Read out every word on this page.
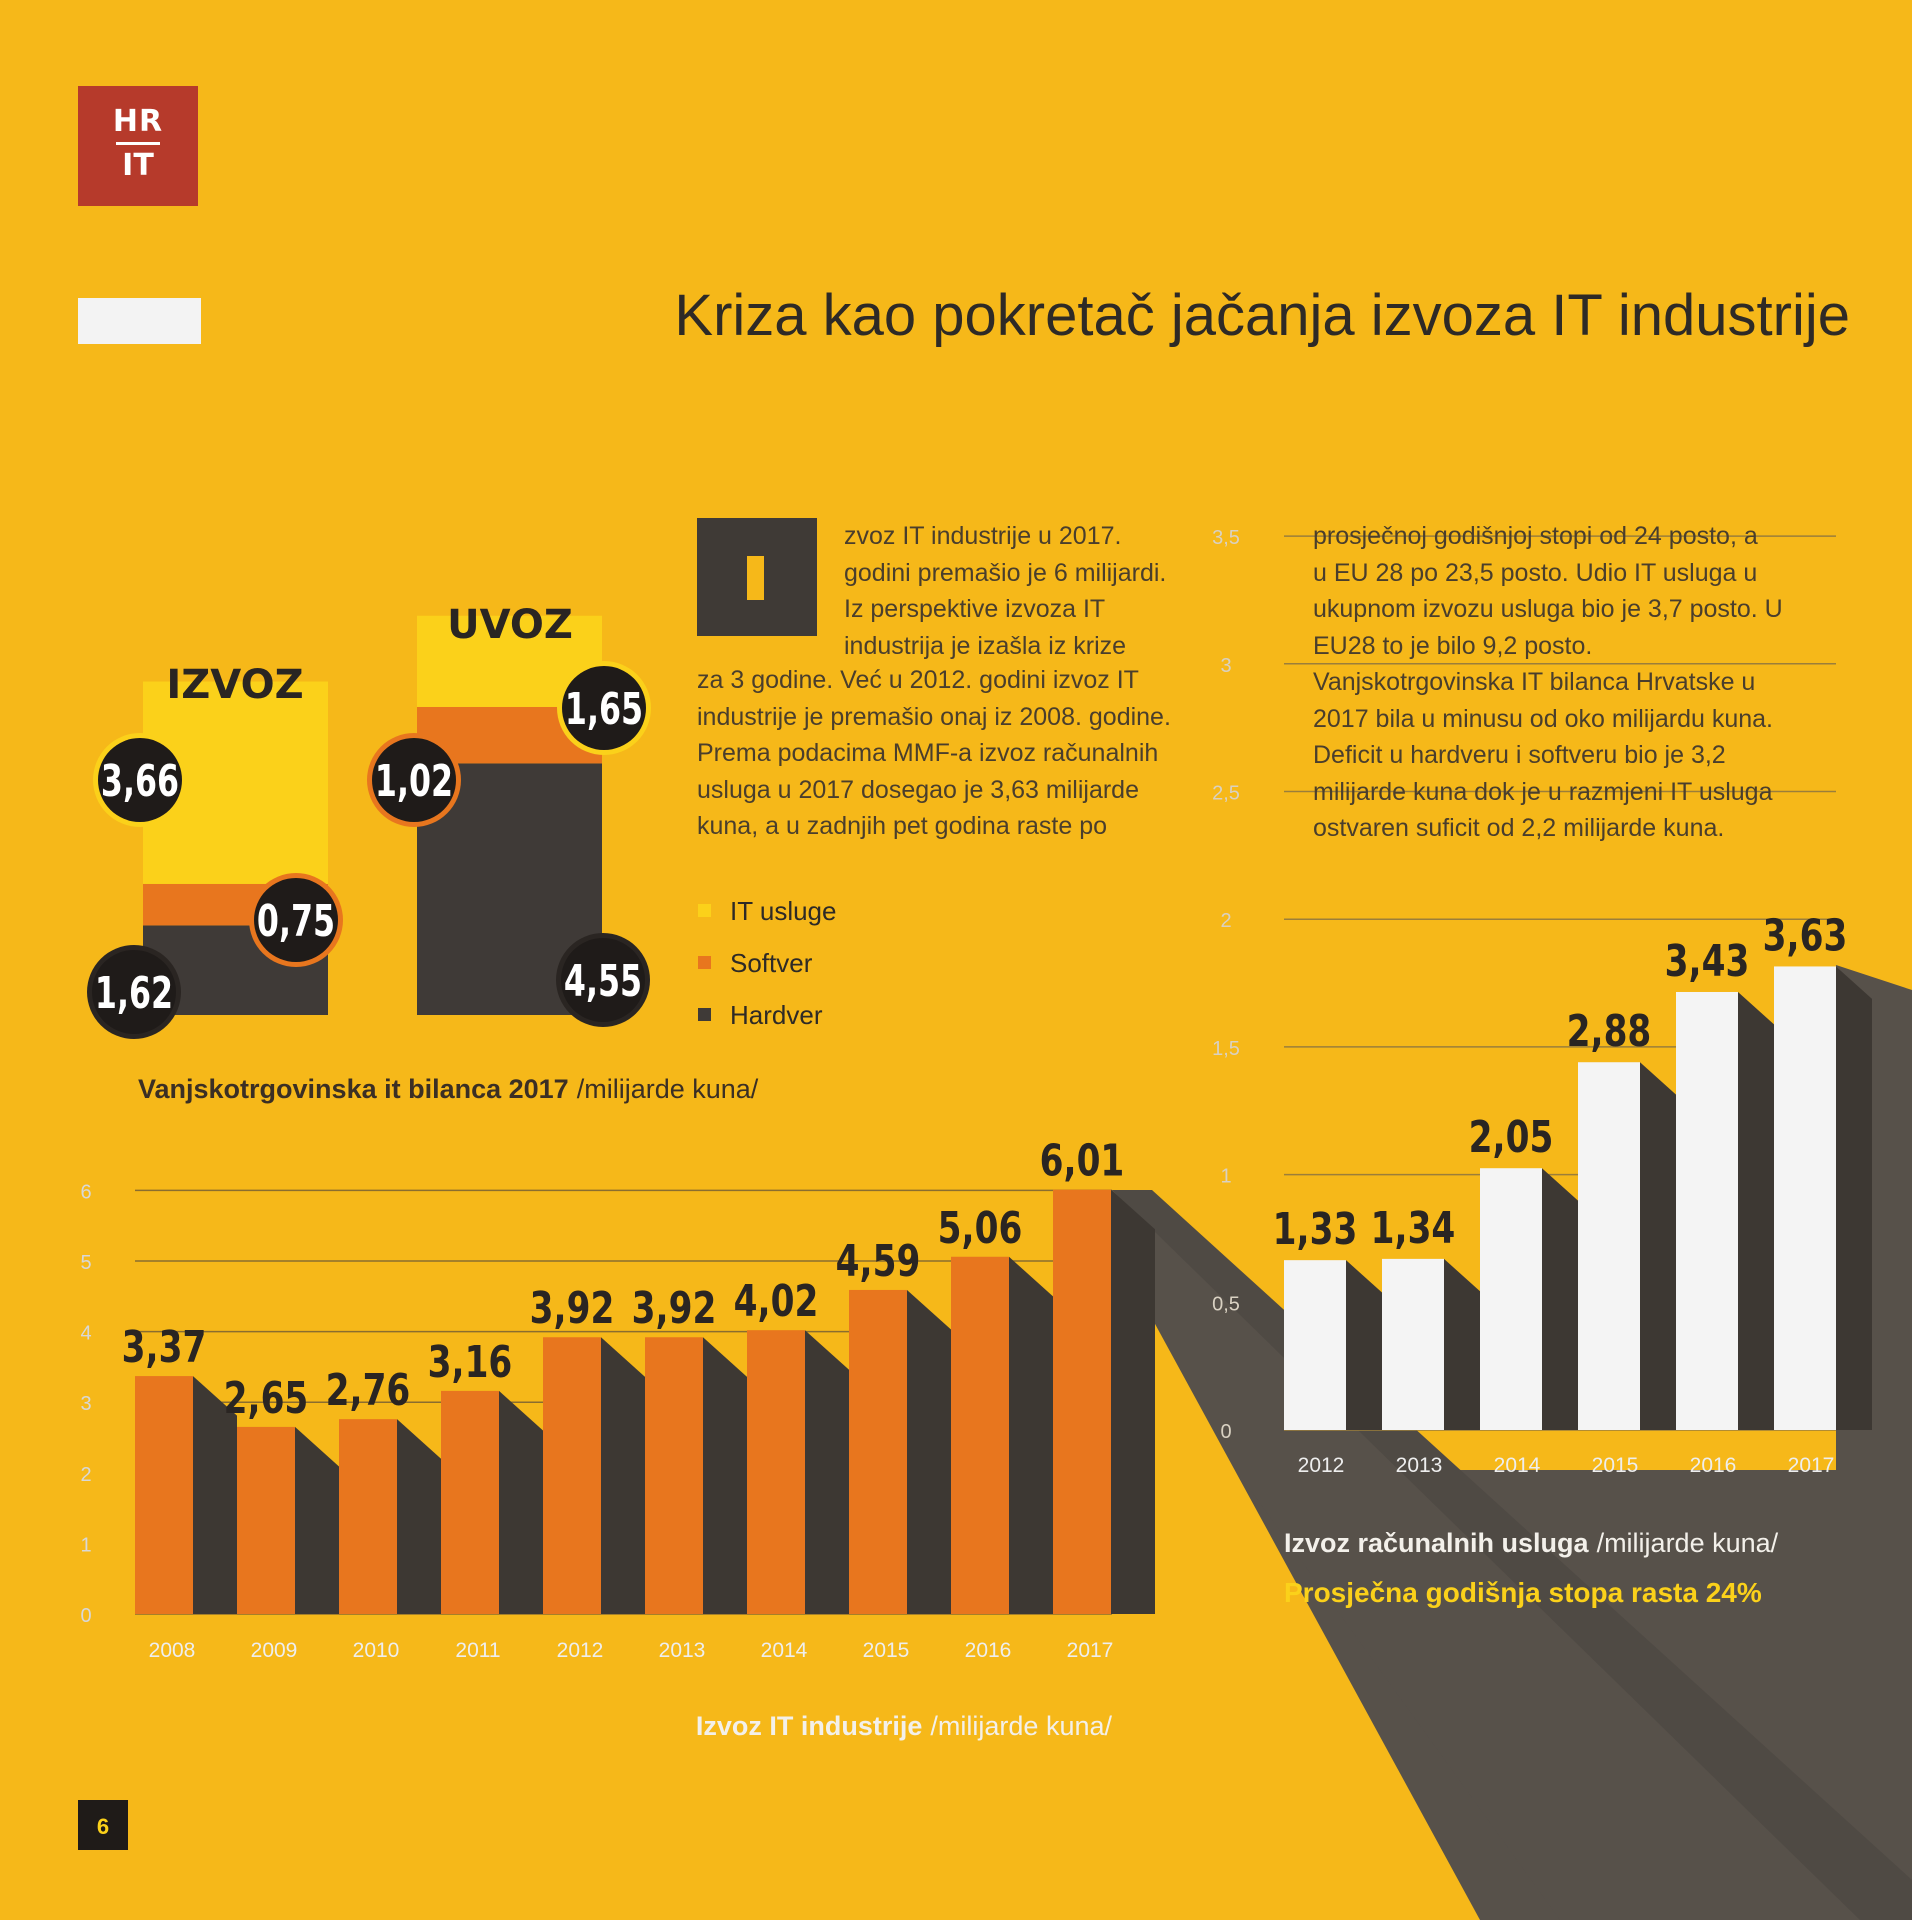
HR
IT
Kriza kao pokretač jačanja izvoza IT industrije
IZVOZ
UVOZ
1,62
0,75
3,66
4,55
1,02
1,65
0
1
2
3
4
5
6
3,37
2008
2,65
2009
2,76
2010
3,16
2011
3,92
2012
3,92
2013
4,02
2014
4,59
2015
5,06
2016
6,01
2017
0
0,5
1
1,5
2
2,5
3
3,5
1,33
2012
1,34
2013
2,05
2014
2,88
2015
3,43
2016
3,63
2017
Vanjskotrgovinska it bilanca 2017 /milijarde kuna/
Izvoz IT industrije /milijarde kuna/
Izvoz računalnih usluga /milijarde kuna/
Prosječna godišnja stopa rasta 24%
IT usluge
Softver
Hardver
6
zvoz IT industrije u 2017.
godini premašio je 6 milijardi.
Iz perspektive izvoza IT
industrija je izašla iz krize
za 3 godine. Već u 2012. godini izvoz IT
industrije je premašio onaj iz 2008. godine.
Prema podacima MMF-a izvoz računalnih
usluga u 2017 dosegao je 3,63 milijarde
kuna, a u zadnjih pet godina raste po
prosječnoj godišnjoj stopi od 24 posto, a
u EU 28 po 23,5 posto. Udio IT usluga u
ukupnom izvozu usluga bio je 3,7 posto. U
EU28 to je bilo 9,2 posto.
Vanjskotrgovinska IT bilanca Hrvatske u
2017 bila u minusu od oko milijardu kuna.
Deficit u hardveru i softveru bio je 3,2
milijarde kuna dok je u razmjeni IT usluga
ostvaren suficit od 2,2 milijarde kuna.
